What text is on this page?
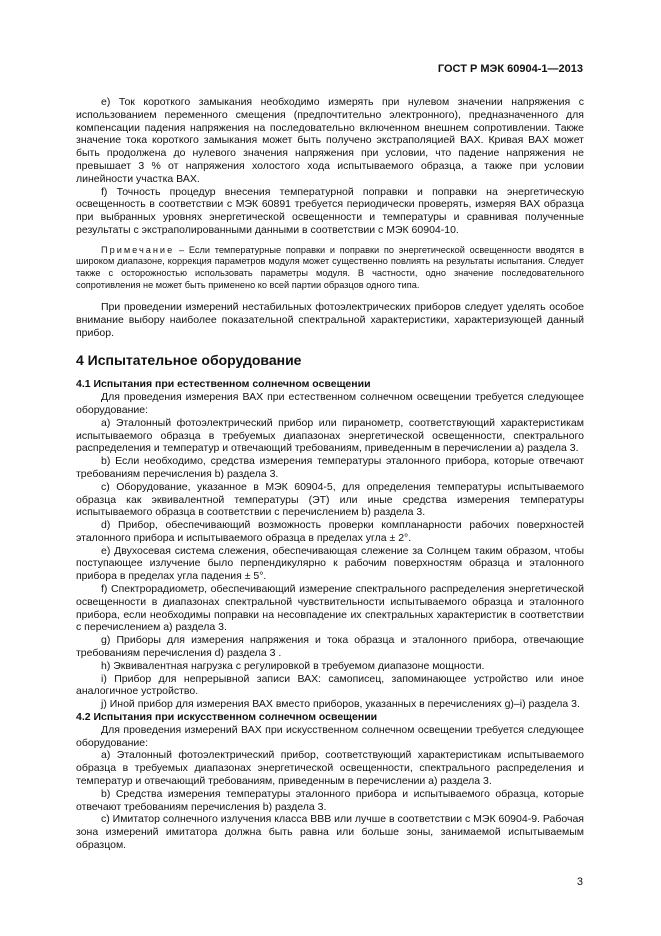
ГОСТ Р МЭК 60904-1—2013

e) Ток короткого замыкания необходимо измерять при нулевом значении напряжения с использованием переменного смещения (предпочтительно электронного), предназначенного для компенсации падения напряжения на последовательно включенном внешнем сопротивлении. Также значение тока короткого замыкания может быть получено экстраполяцией ВАХ. Кривая ВАХ может быть продолжена до нулевого значения напряжения при условии, что падение напряжения не превышает 3 % от напряжения холостого хода испытываемого образца, а также при условии линейности участка ВАХ.

f) Точность процедур внесения температурной поправки и поправки на энергетическую освещенность в соответствии с МЭК 60891 требуется периодически проверять, измеряя ВАХ образца при выбранных уровнях энергетической освещенности и температуры и сравнивая полученные результаты с экстраполированными данными в соответствии с МЭК 60904-10.

Примечание – Если температурные поправки и поправки по энергетической освещенности вводятся в широком диапазоне, коррекция параметров модуля может существенно повлиять на результаты испытания. Следует также с осторожностью использовать параметры модуля. В частности, одно значение последовательного сопротивления не может быть применено ко всей партии образцов одного типа.

При проведении измерений нестабильных фотоэлектрических приборов следует уделять особое внимание выбору наиболее показательной спектральной характеристики, характеризующей данный прибор.

4 Испытательное оборудование
4.1 Испытания при естественном солнечном освещении

Для проведения измерения ВАХ при естественном солнечном освещении требуется следующее оборудование:

a) Эталонный фотоэлектрический прибор или пиранометр, соответствующий характеристикам испытываемого образца в требуемых диапазонах энергетической освещенности, спектрального распределения и температур и отвечающий требованиям, приведенным в перечислении a) раздела 3.

b) Если необходимо, средства измерения температуры эталонного прибора, которые отвечают требованиям перечисления b) раздела 3.

c) Оборудование, указанное в МЭК 60904-5, для определения температуры испытываемого образца как эквивалентной температуры (ЭТ) или иные средства измерения температуры испытываемого образца в соответствии с перечислением b) раздела 3.

d) Прибор, обеспечивающий возможность проверки компланарности рабочих поверхностей эталонного прибора и испытываемого образца в пределах угла ± 2°.

e) Двухосевая система слежения, обеспечивающая слежение за Солнцем таким образом, чтобы поступающее излучение было перпендикулярно к рабочим поверхностям образца и эталонного прибора в пределах угла падения ± 5°.

f) Спектрорадиометр, обеспечивающий измерение спектрального распределения энергетической освещенности в диапазонах спектральной чувствительности испытываемого образца и эталонного прибора, если необходимы поправки на несовпадение их спектральных характеристик в соответствии с перечислением a) раздела 3.

g) Приборы для измерения напряжения и тока образца и эталонного прибора, отвечающие требованиям перечисления d) раздела 3 .

h) Эквивалентная нагрузка с регулировкой в требуемом диапазоне мощности.

i) Прибор для непрерывной записи ВАХ: самописец, запоминающее устройство или иное аналогичное устройство.

j) Иной прибор для измерения ВАХ вместо приборов, указанных в перечислениях g)–i) раздела 3.

4.2 Испытания при искусственном солнечном освещении

Для проведения измерений ВАХ при искусственном солнечном освещении требуется следующее оборудование:

a) Эталонный фотоэлектрический прибор, соответствующий характеристикам испытываемого образца в требуемых диапазонах энергетической освещенности, спектрального распределения и температур и отвечающий требованиям, приведенным в перечислении a) раздела 3.

b) Средства измерения температуры эталонного прибора и испытываемого образца, которые отвечают требованиям перечисления b) раздела 3.

c) Имитатор солнечного излучения класса ВВВ или лучше в соответствии с МЭК 60904-9. Рабочая зона измерений имитатора должна быть равна или больше зоны, занимаемой испытываемым образцом.

3
